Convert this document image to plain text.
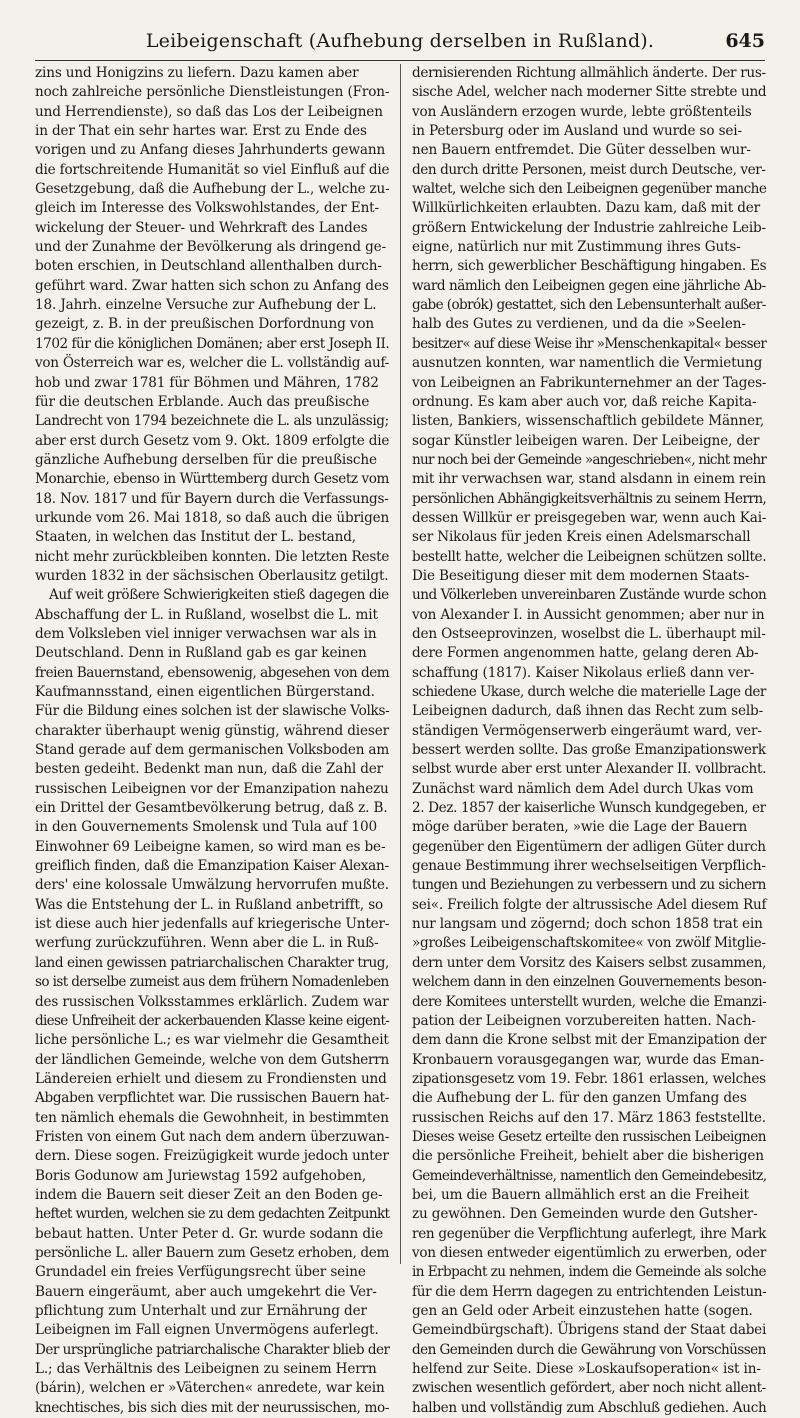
Leibeigenschaft (Aufhebung derselben in Rußland).	645
zins und Honigzins zu liefern. Dazu kamen aber
noch zahlreiche persönliche Dienstleistungen (Fron-
und Herrendienste), so daß das Los der Leibeignen
in der That ein sehr hartes war. Erst zu Ende des
vorigen und zu Anfang dieses Jahrhunderts gewann
die fortschreitende Humanität so viel Einfluß auf die
Gesetzgebung, daß die Aufhebung der L., welche zu-
gleich im Interesse des Volkswohlstandes, der Ent-
wickelung der Steuer- und Wehrkraft des Landes
und der Zunahme der Bevölkerung als dringend ge-
boten erschien, in Deutschland allenthalben durch-
geführt ward. Zwar hatten sich schon zu Anfang des
18. Jahrh. einzelne Versuche zur Aufhebung der L.
gezeigt, z. B. in der preußischen Dorfordnung von
1702 für die königlichen Domänen; aber erst Joseph II.
von Österreich war es, welcher die L. vollständig auf-
hob und zwar 1781 für Böhmen und Mähren, 1782
für die deutschen Erblande. Auch das preußische
Landrecht von 1794 bezeichnete die L. als unzulässig;
aber erst durch Gesetz vom 9. Okt. 1809 erfolgte die
gänzliche Aufhebung derselben für die preußische
Monarchie, ebenso in Württemberg durch Gesetz vom
18. Nov. 1817 und für Bayern durch die Verfassungs-
urkunde vom 26. Mai 1818, so daß auch die übrigen
Staaten, in welchen das Institut der L. bestand,
nicht mehr zurückbleiben konnten. Die letzten Reste
wurden 1832 in der sächsischen Oberlausitz getilgt.
Auf weit größere Schwierigkeiten stieß dagegen die
Abschaffung der L. in Rußland, woselbst die L. mit
dem Volksleben viel inniger verwachsen war als in
Deutschland. Denn in Rußland gab es gar keinen
freien Bauernstand, ebensowenig, abgesehen von dem
Kaufmannsstand, einen eigentlichen Bürgerstand.
Für die Bildung eines solchen ist der slawische Volks-
charakter überhaupt wenig günstig, während dieser
Stand gerade auf dem germanischen Volksboden am
besten gedeiht. Bedenkt man nun, daß die Zahl der
russischen Leibeignen vor der Emanzipation nahezu
ein Drittel der Gesamtbevölkerung betrug, daß z. B.
in den Gouvernements Smolensk und Tula auf 100
Einwohner 69 Leibeigne kamen, so wird man es be-
greiflich finden, daß die Emanzipation Kaiser Alexan-
ders' eine kolossale Umwälzung hervorrufen mußte.
Was die Entstehung der L. in Rußland anbetrifft, so
ist diese auch hier jedenfalls auf kriegerische Unter-
werfung zurückzuführen. Wenn aber die L. in Ruß-
land einen gewissen patriarchalischen Charakter trug,
so ist derselbe zumeist aus dem frühern Nomadenleben
des russischen Volksstammes erklärlich. Zudem war
diese Unfreiheit der ackerbauenden Klasse keine eigent-
liche persönliche L.; es war vielmehr die Gesamtheit
der ländlichen Gemeinde, welche von dem Gutsherrn
Ländereien erhielt und diesem zu Frondiensten und
Abgaben verpflichtet war. Die russischen Bauern hat-
ten nämlich ehemals die Gewohnheit, in bestimmten
Fristen von einem Gut nach dem andern überzuwan-
dern. Diese sogen. Freizügigkeit wurde jedoch unter
Boris Godunow am Juriewstag 1592 aufgehoben,
indem die Bauern seit dieser Zeit an den Boden ge-
heftet wurden, welchen sie zu dem gedachten Zeitpunkt
bebaut hatten. Unter Peter d. Gr. wurde sodann die
persönliche L. aller Bauern zum Gesetz erhoben, dem
Grundadel ein freies Verfügungsrecht über seine
Bauern eingeräumt, aber auch umgekehrt die Ver-
pflichtung zum Unterhalt und zur Ernährung der
Leibeignen im Fall eignen Unvermögens auferlegt.
Der ursprüngliche patriarchalische Charakter blieb der
L.; das Verhältnis des Leibeignen zu seinem Herrn
(bárin), welchen er »Väterchen« anredete, war kein
knechtisches, bis sich dies mit der neurussischen, mo-
dernisierenden Richtung allmählich änderte. Der rus-
sische Adel, welcher nach moderner Sitte strebte und
von Ausländern erzogen wurde, lebte größtenteils
in Petersburg oder im Ausland und wurde so sei-
nen Bauern entfremdet. Die Güter desselben wur-
den durch dritte Personen, meist durch Deutsche, ver-
waltet, welche sich den Leibeignen gegenüber manche
Willkürlichkeiten erlaubten. Dazu kam, daß mit der
größern Entwickelung der Industrie zahlreiche Leib-
eigne, natürlich nur mit Zustimmung ihres Guts-
herrn, sich gewerblicher Beschäftigung hingaben. Es
ward nämlich den Leibeignen gegen eine jährliche Ab-
gabe (obrók) gestattet, sich den Lebensunterhalt außer-
halb des Gutes zu verdienen, und da die »Seelen-
besitzer« auf diese Weise ihr »Menschenkapital« besser
ausnutzen konnten, war namentlich die Vermietung
von Leibeignen an Fabrikunternehmer an der Tages-
ordnung. Es kam aber auch vor, daß reiche Kapita-
listen, Bankiers, wissenschaftlich gebildete Männer,
sogar Künstler leibeigen waren. Der Leibeigne, der
nur noch bei der Gemeinde »angeschrieben«, nicht mehr
mit ihr verwachsen war, stand alsdann in einem rein
persönlichen Abhängigkeitsverhältnis zu seinem Herrn,
dessen Willkür er preisgegeben war, wenn auch Kai-
ser Nikolaus für jeden Kreis einen Adelsmarschall
bestellt hatte, welcher die Leibeignen schützen sollte.
Die Beseitigung dieser mit dem modernen Staats-
und Völkerleben unvereinbaren Zustände wurde schon
von Alexander I. in Aussicht genommen; aber nur in
den Ostseeprovinzen, woselbst die L. überhaupt mil-
dere Formen angenommen hatte, gelang deren Ab-
schaffung (1817). Kaiser Nikolaus erließ dann ver-
schiedene Ukase, durch welche die materielle Lage der
Leibeignen dadurch, daß ihnen das Recht zum selb-
ständigen Vermögenserwerb eingeräumt ward, ver-
bessert werden sollte. Das große Emanzipationswerk
selbst wurde aber erst unter Alexander II. vollbracht.
Zunächst ward nämlich dem Adel durch Ukas vom
2. Dez. 1857 der kaiserliche Wunsch kundgegeben, er
möge darüber beraten, »wie die Lage der Bauern
gegenüber den Eigentümern der adligen Güter durch
genaue Bestimmung ihrer wechselseitigen Verpflich-
tungen und Beziehungen zu verbessern und zu sichern
sei«. Freilich folgte der altrussische Adel diesem Ruf
nur langsam und zögernd; doch schon 1858 trat ein
»großes Leibeigenschaftskomitee« von zwölf Mitglie-
dern unter dem Vorsitz des Kaisers selbst zusammen,
welchem dann in den einzelnen Gouvernements beson-
dere Komitees unterstellt wurden, welche die Emanzi-
pation der Leibeignen vorzubereiten hatten. Nach-
dem dann die Krone selbst mit der Emanzipation der
Kronbauern vorausgegangen war, wurde das Eman-
zipationsgesetz vom 19. Febr. 1861 erlassen, welches
die Aufhebung der L. für den ganzen Umfang des
russischen Reichs auf den 17. März 1863 feststellte.
Dieses weise Gesetz erteilte den russischen Leibeignen
die persönliche Freiheit, behielt aber die bisherigen
Gemeindeverhältnisse, namentlich den Gemeindebesitz,
bei, um die Bauern allmählich erst an die Freiheit
zu gewöhnen. Den Gemeinden wurde den Gutsher-
ren gegenüber die Verpflichtung auferlegt, ihre Mark
von diesen entweder eigentümlich zu erwerben, oder
in Erbpacht zu nehmen, indem die Gemeinde als solche
für die dem Herrn dagegen zu entrichtenden Leistun-
gen an Geld oder Arbeit einzustehen hatte (sogen.
Gemeindbürgschaft). Übrigens stand der Staat dabei
den Gemeinden durch die Gewährung von Vorschüssen
helfend zur Seite. Diese »Loskaufsoperation« ist in-
zwischen wesentlich gefördert, aber noch nicht allent-
halben und vollständig zum Abschluß gediehen. Auch
